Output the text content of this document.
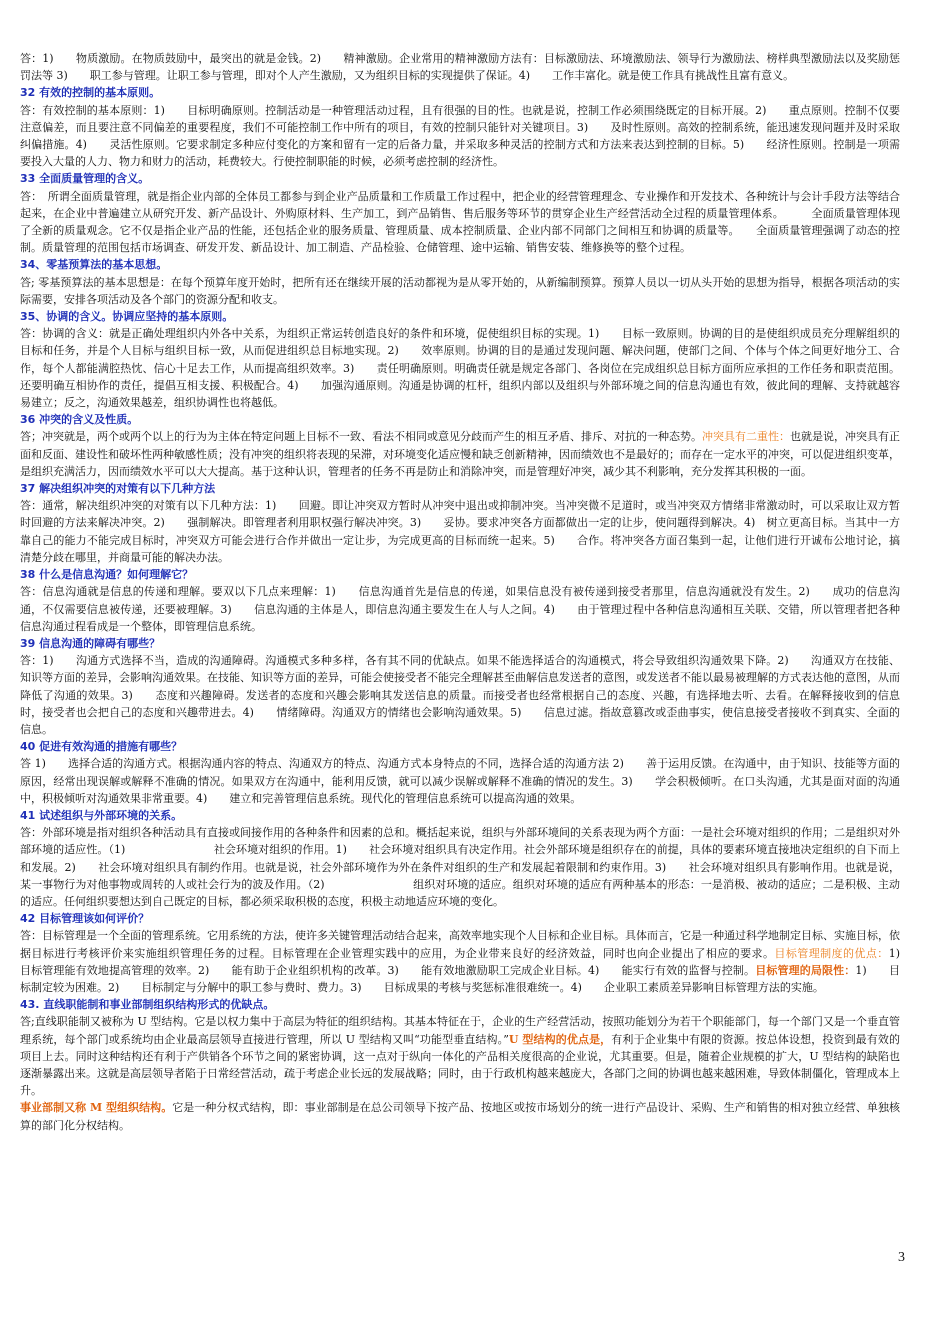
答：1)　　物质激励。在物质鼓励中，最突出的就是金钱。2)　　精神激励。企业常用的精神激励方法有：目标激励法、环境激励法、领导行为激励法、榜样典型激励法以及奖励惩罚法等 3)　　职工参与管理。让职工参与管理，即对个人产生激励，又为组织目标的实现提供了保证。4)　　工作丰富化。就是使工作具有挑战性且富有意义。
32 有效的控制的基本原则。
答：有效控制的基本原则：1)　　目标明确原则。控制活动是一种管理活动过程，且有很强的目的性。也就是说，控制工作必须围绕既定的目标开展。2)　　重点原则。控制不仅要注意偏差，而且要注意不同偏差的重要程度，我们不可能控制工作中所有的项目，有效的控制只能针对关键项目。3)　　及时性原则。高效的控制系统，能迅速发现问题并及时采取纠偏措施。4)　　灵活性原则。它要求制定多种应付变化的方案和留有一定的后备力量，并采取多种灵活的控制方式和方法来表达到控制的目标。5)　　经济性原则。控制是一项需要投入大量的人力、物力和财力的活动，耗费较大。行使控制职能的时候，必须考虑控制的经济性。
33 全面质量管理的含义。
答：　所谓全面质量管理，就是指企业内部的全体员工都参与到企业产品质量和工作质量工作过程中，把企业的经营管理理念、专业操作和开发技术、各种统计与会计手段方法等结合起来，在企业中普遍建立从研究开发、新产品设计、外购原材料、生产加工，到产品销售、售后服务等环节的贯穿企业生产经营活动全过程的质量管理体系。　　　全面质量管理体现了全新的质量观念。它不仅是指企业产品的性能，还包括企业的服务质量、管理质量、成本控制质量、企业内部不同部门之间相互和协调的质量等。　　全面质量管理强调了动态的控制。质量管理的范围包括市场调查、研发开发、新品设计、加工制造、产品检验、仓储管理、途中运输、销售安装、维修换等的整个过程。
34、零基预算法的基本思想。
答; 零基预算法的基本思想是：在每个预算年度开始时，把所有还在继续开展的活动都视为是从零开始的，从新编制预算。预算人员以一切从头开始的思想为指导，根据各项活动的实际需要，安排各项活动及各个部门的资源分配和收支。
35、协调的含义。协调应坚持的基本原则。
答：协调的含义：就是正确处理组织内外各中关系，为组织正常运转创造良好的条件和环境，促使组织目标的实现。1)　　目标一致原则。协调的目的是使组织成员充分理解组织的目标和任务，并是个人目标与组织目标一致，从而促进组织总目标地实现。2)　　效率原则。协调的目的是通过发现问题、解决问题，使部门之间、个体与个体之间更好地分工、合作，每个人都能满腔热忱、信心十足去工作，从而提高组织效率。3)　　责任明确原则。明确责任就是规定各部门、各岗位在完成组织总目标方面所应承担的工作任务和职责范围。还要明确互相协作的责任，提倡互相支援、积极配合。4)　　加强沟通原则。沟通是协调的杠杆，组织内部以及组织与外部环境之间的信息沟通也有效，彼此间的理解、支持就越容易建立；反之，沟通效果越差，组织协调性也将越低。
36 冲突的含义及性质。
答；冲突就是，两个或两个以上的行为为主体在特定问题上目标不一致、看法不相同或意见分歧而产生的相互矛盾、排斥、对抗的一种态势。冲突具有二重性：也就是说，冲突具有正面和反面、建设性和破坏性两种敏感性质；没有冲突的组织将表现的呆滞，对环境变化适应慢和缺乏创新精神，因而绩效也不是最好的；而存在一定水平的冲突，可以促进组织变革，是组织充满活力，因而绩效水平可以大大提高。基于这种认识，管理者的任务不再是防止和消除冲突，而是管理好冲突，减少其不利影响，充分发挥其积极的一面。
37 解决组织冲突的对策有以下几种方法
答：通常，解决组织冲突的对策有以下几种方法：1)　　回避。即让冲突双方暂时从冲突中退出或抑制冲突。当冲突微不足道时，或当冲突双方情绪非常激动时，可以采取让双方暂时回避的方法来解决冲突。2)　　强制解决。即管理者利用职权强行解决冲突。3)　　妥协。要求冲突各方面都做出一定的让步，使问题得到解决。4)　树立更高目标。当其中一方靠自己的能力不能完成目标时，冲突双方可能会进行合作并做出一定让步，为完成更高的目标而统一起来。5)　　合作。将冲突各方面召集到一起，让他们进行开诚布公地讨论，搞清楚分歧在哪里，并商量可能的解决办法。
38 什么是信息沟通？如何理解它？
答：信息沟通就是信息的传递和理解。要双以下几点来理解：1)　　信息沟通首先是信息的传递，如果信息没有被传递到接受者那里，信息沟通就没有发生。2)　　成功的信息沟通，不仅需要信息被传递，还要被理解。3)　　信息沟通的主体是人，即信息沟通主要发生在人与人之间。4)　　由于管理过程中各种信息沟通相互关联、交错，所以管理者把各种信息沟通过程看成是一个整体，即管理信息系统。
39 信息沟通的障碍有哪些？
答：1)　　沟通方式选择不当，造成的沟通障碍。沟通模式多种多样，各有其不同的优缺点。如果不能选择适合的沟通模式，将会导致组织沟通效果下降。2)　　沟通双方在技能、知识等方面的差异，会影响沟通效果。在技能、知识等方面的差异，可能会使接受者不能完全理解甚至曲解信息发送者的意图，或发送者不能以最易被理解的方式表达他的意图，从而降低了沟通的效果。3)　　态度和兴趣障碍。发送者的态度和兴趣会影响其发送信息的质量。而接受者也经常根据自己的态度、兴趣，有选择地去听、去看。在解释接收到的信息时，接受者也会把自己的态度和兴趣带进去。4)　　情绪障碍。沟通双方的情绪也会影响沟通效果。5)　　信息过滤。指故意篡改或歪曲事实，使信息接受者接收不到真实、全面的信息。
40 促进有效沟通的措施有哪些？
答 1)　　选择合适的沟通方式。根据沟通内容的特点、沟通双方的特点、沟通方式本身特点的不同，选择合适的沟通方法 2)　　善于运用反馈。在沟通中，由于知识、技能等方面的原因，经常出现误解或解释不准确的情况。如果双方在沟通中，能利用反馈，就可以减少误解或解释不准确的情况的发生。3)　　学会积极倾听。在口头沟通，尤其是面对面的沟通中，积极倾听对沟通效果非常重要。4)　　建立和完善管理信息系统。现代化的管理信息系统可以提高沟通的效果。
41 试述组织与外部环境的关系。
答：外部环境是指对组织各种活动具有直接或间接作用的各种条件和因素的总和。概括起来说，组织与外部环境间的关系表现为两个方面：一是社会环境对组织的作用；二是组织对外部环境的适应性。（1)　　　　　　　　社会环境对组织的作用。1)　　社会环境对组织具有决定作用。社会外部环境是组织存在的前提，具体的要素环境直接地决定组织的自下而上和发展。2)　　社会环境对组织具有制约作用。也就是说，社会外部环境作为外在条件对组织的生产和发展起着限制和约束作用。3)　　社会环境对组织具有影响作用。也就是说，某一事物行为对他事物或周转的人或社会行为的波及作用。（2)　　　　　　　　组织对环境的适应。组织对环境的适应有两种基本的形态：一是消极、被动的适应；二是积极、主动的适应。任何组织要想达到自己既定的目标，都必须采取积极的态度，积极主动地适应环境的变化。
42 目标管理该如何评价？
答：目标管理是一个全面的管理系统。它用系统的方法，使许多关键管理活动结合起来，高效率地实现个人目标和企业目标。具体而言，它是一种通过科学地制定目标、实施目标，依据目标进行考核评价来实施组织管理任务的过程。目标管理在企业管理实践中的应用，为企业带来良好的经济效益，同时也向企业提出了相应的要求。目标管理制度的优点：1)　　目标管理能有效地提高管理的效率。2)　　能有助于企业组织机构的改革。3)　　能有效地激励职工完成企业目标。4)　　能实行有效的监督与控制。目标管理的局限性：1)　　目标制定较为困难。2)　　目标制定与分解中的职工参与费时、费力。3)　　目标成果的考核与奖惩标准很难统一。4)　　企业职工素质差异影响目标管理方法的实施。
43. 直线职能制和事业部制组织结构形式的优缺点。
答;直线职能制又被称为 U 型结构。它是以权力集中于高层为特征的组织结构。其基本特征在于，企业的生产经营活动，按照功能划分为若干个职能部门，每一个部门又是一个垂直管理系统，每个部门或系统均由企业最高层领导直接进行管理，所以 U 型结构又叫“功能型垂直结构。”U 型结构的优点是，有利于企业集中有限的资源。按总体设想，投资到最有效的项目上去。同时这种结构还有利于产供销各个环节之间的紧密协调，这一点对于纵向一体化的产品相关度很高的企业说，尤其重要。但是，随着企业规模的扩大，U 型结构的缺陷也逐渐暴露出来。这就是高层领导者陷于日常经营活动，疏于考虑企业长远的发展战略；同时，由于行政机构越来越庞大，各部门之间的协调也越来越困难，导致体制僵化，管理成本上升。
事业部制又称 M 型组织结构。它是一种分权式结构，即：事业部制是在总公司领导下按产品、按地区或按市场划分的统一进行产品设计、采购、生产和销售的相对独立经营、单独核算的部门化分权结构。
3
